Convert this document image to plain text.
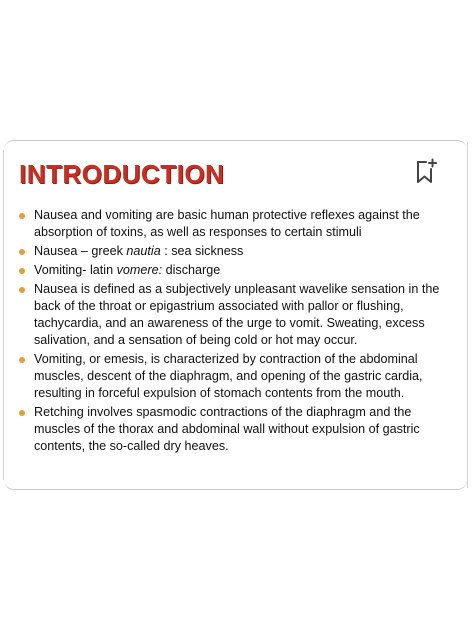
INTRODUCTION
Nausea and vomiting are basic human protective reflexes against the absorption of toxins, as well as responses to certain stimuli
Nausea – greek nautia : sea sickness
Vomiting- latin vomere: discharge
Nausea is defined as a subjectively unpleasant wavelike sensation in the back of the throat or epigastrium associated with pallor or flushing, tachycardia, and an awareness of the urge to vomit. Sweating, excess salivation, and a sensation of being cold or hot may occur.
Vomiting, or emesis, is characterized by contraction of the abdominal muscles, descent of the diaphragm, and opening of the gastric cardia, resulting in forceful expulsion of stomach contents from the mouth.
Retching involves spasmodic contractions of the diaphragm and the muscles of the thorax and abdominal wall without expulsion of gastric contents, the so-called dry heaves.
